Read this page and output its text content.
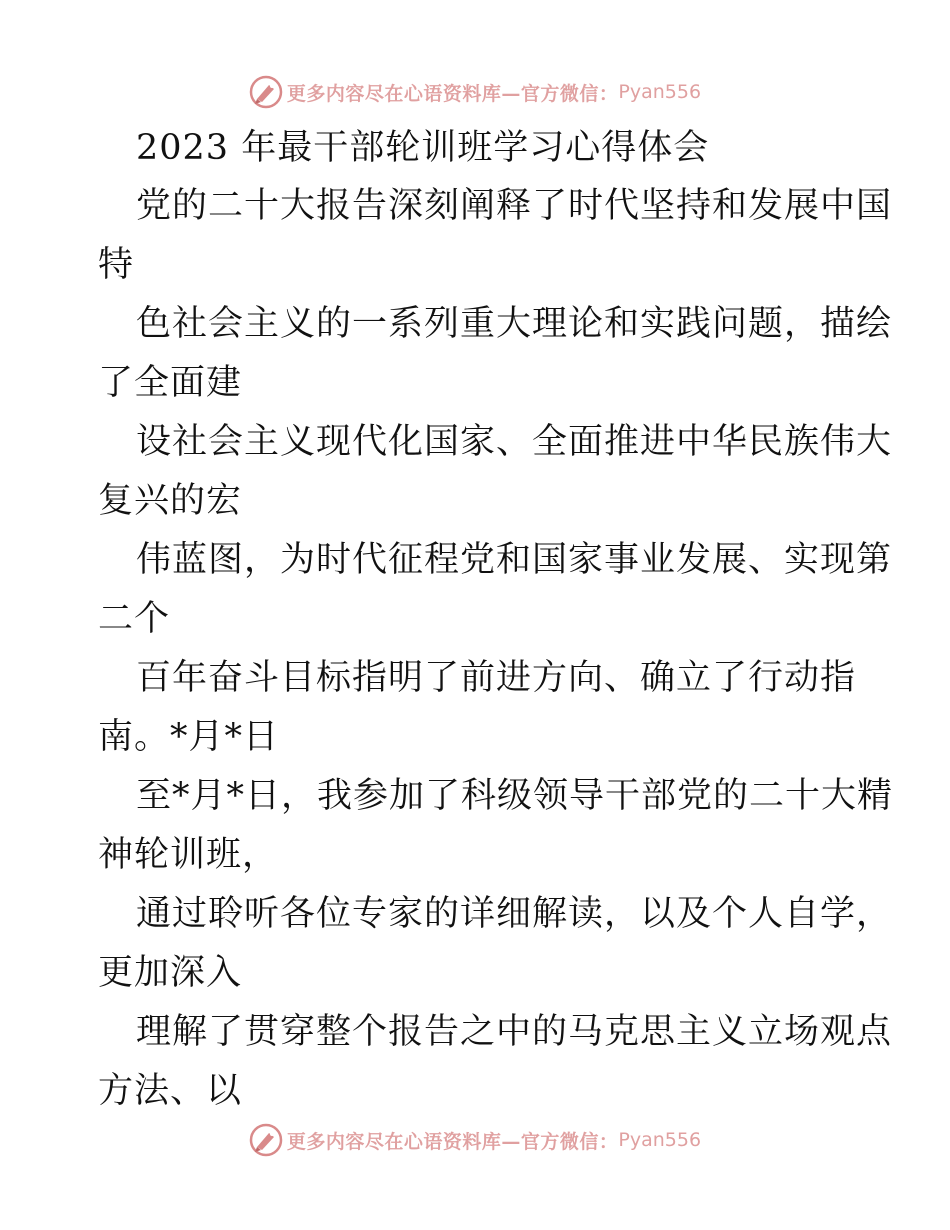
更多内容尽在心语资料库—官方微信： Pyan556
2023 年最干部轮训班学习心得体会
党的二十大报告深刻阐释了时代坚持和发展中国
特
色社会主义的一系列重大理论和实践问题，描绘
了全面建
设社会主义现代化国家、全面推进中华民族伟大
复兴的宏
伟蓝图，为时代征程党和国家事业发展、实现第
二个
百年奋斗目标指明了前进方向、确立了行动指
南。*月*日
至*月*日，我参加了科级领导干部党的二十大精
神轮训班，
通过聆听各位专家的详细解读，以及个人自学，
更加深入
理解了贯穿整个报告之中的马克思主义立场观点
方法、以
更多内容尽在心语资料库—官方微信： Pyan556
